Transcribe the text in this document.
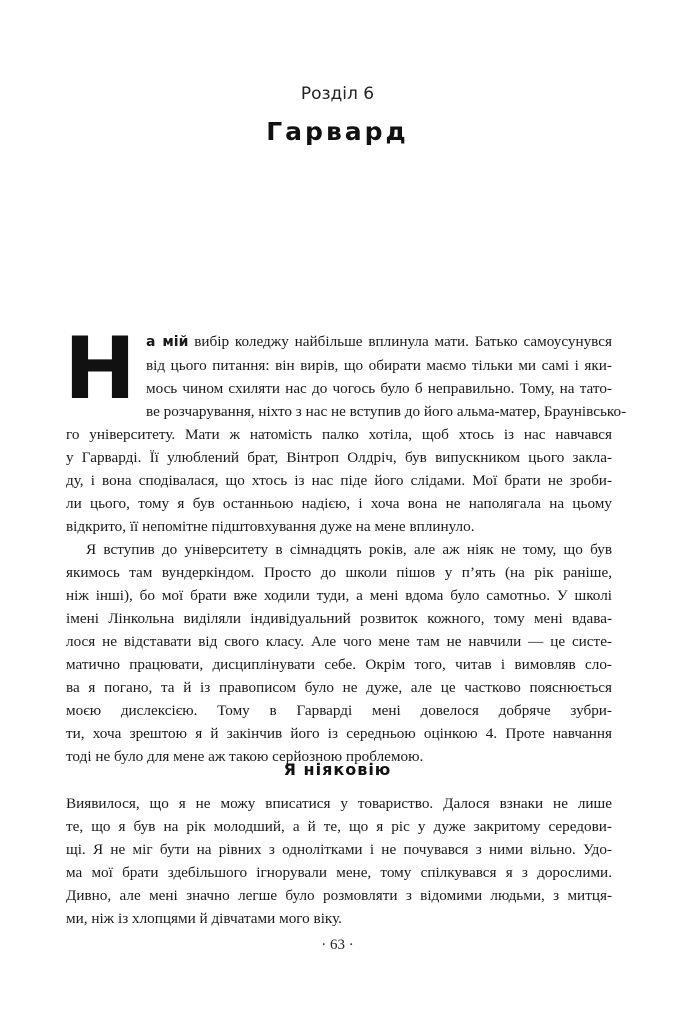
Розділ 6
Гарвард

Н а мій вибір коледжу найбільше вплинула мати. Батько самоусунувся
від цього питання: він вирів, що обирати маємо тільки ми самі і яки-
мось чином схиляти нас до чогось було б неправильно. Тому, на тато-
ве розчарування, ніхто з нас не вступив до його альма-матер, Браунівсько-
го університету. Мати ж натомість палко хотіла, щоб хтось із нас навчався
у Гарварді. Її улюблений брат, Вінтроп Олдріч, був випускником цього закла-
ду, і вона сподівалася, що хтось із нас піде його слідами. Мої брати не зроби-
ли цього, тому я був останньою надією, і хоча вона не наполягала на цьому
відкрито, її непомітне підштовхування дуже на мене вплинуло.

Я вступив до університету в сімнадцять років, але аж ніяк не тому, що був
якимось там вундеркіндом. Просто до школи пішов у п’ять (на рік раніше,
ніж інші), бо мої брати вже ходили туди, а мені вдома було самотньо. У школі
імені Лінкольна виділяли індивідуальний розвиток кожного, тому мені вдава-
лося не відставати від свого класу. Але чого мене там не навчили — це систе-
матично працювати, дисциплінувати себе. Окрім того, читав і вимовляв сло-
ва я погано, та й із правописом було не дуже, але це частково пояснюється
моєю дислексією. Тому в Гарварді мені довелося добряче зубри-
ти, хоча зрештою я й закінчив його із середньою оцінкою 4. Проте навчання
тоді не було для мене аж такою серйозною проблемою.

Я ніяковію

Виявилося, що я не можу вписатися у товариство. Далося взнаки не лише
те, що я був на рік молодший, а й те, що я ріс у дуже закритому середови-
щі. Я не міг бути на рівних з однолітками і не почувався з ними вільно. Удо-
ма мої брати здебільшого ігнорували мене, тому спілкувався я з дорослими.
Дивно, але мені значно легше було розмовляти з відомими людьми, з митця-
ми, ніж із хлопцями й дівчатами мого віку.

· 63 ·
